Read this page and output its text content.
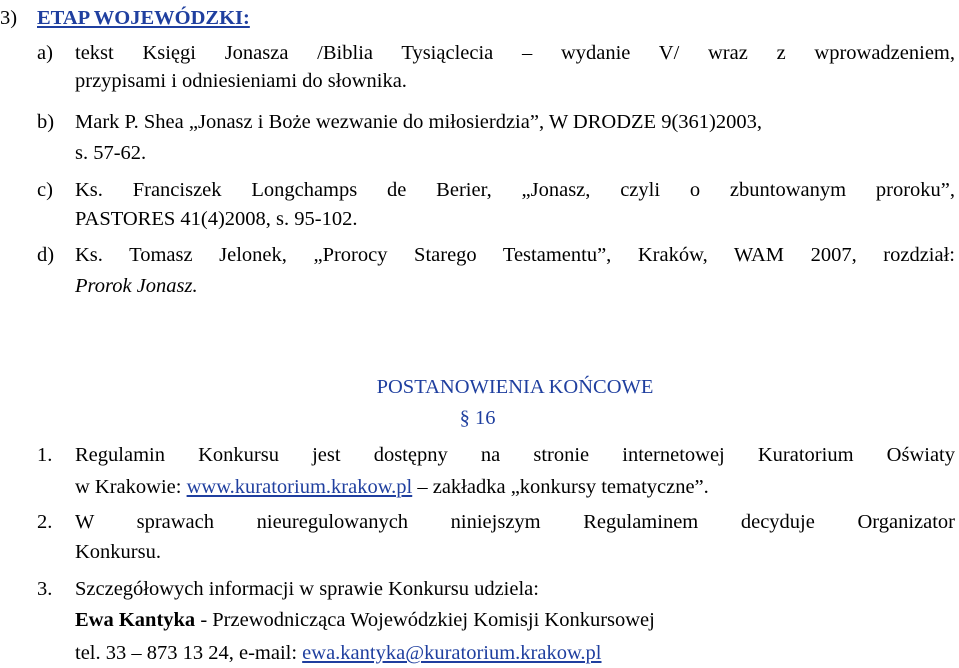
3) ETAP WOJEWÓDZKI:
a) tekst Księgi Jonasza /Biblia Tysiąclecia – wydanie V/ wraz z wprowadzeniem,
przypisami i odniesieniami do słownika.
b) Mark P. Shea „Jonasz i Boże wezwanie do miłosierdzia”, W DRODZE 9(361)2003,
s. 57-62.
c) Ks. Franciszek Longchamps de Berier, „Jonasz, czyli o zbuntowanym proroku”,
PASTORES 41(4)2008, s. 95-102.
d) Ks. Tomasz Jelonek, „Prorocy Starego Testamentu”, Kraków, WAM 2007, rozdział:
Prorok Jonasz.
POSTANOWIENIA KOŃCOWE
§ 16
1. Regulamin Konkursu jest dostępny na stronie internetowej Kuratorium Oświaty
w Krakowie: www.kuratorium.krakow.pl – zakładka „konkursy tematyczne”.
2. W sprawach nieuregulowanych niniejszym Regulaminem decyduje Organizator
Konkursu.
3. Szczegółowych informacji w sprawie Konkursu udziela:
Ewa Kantyka - Przewodnicząca Wojewódzkiej Komisji Konkursowej
tel. 33 – 873 13 24, e-mail: ewa.kantyka@kuratorium.krakow.pl
